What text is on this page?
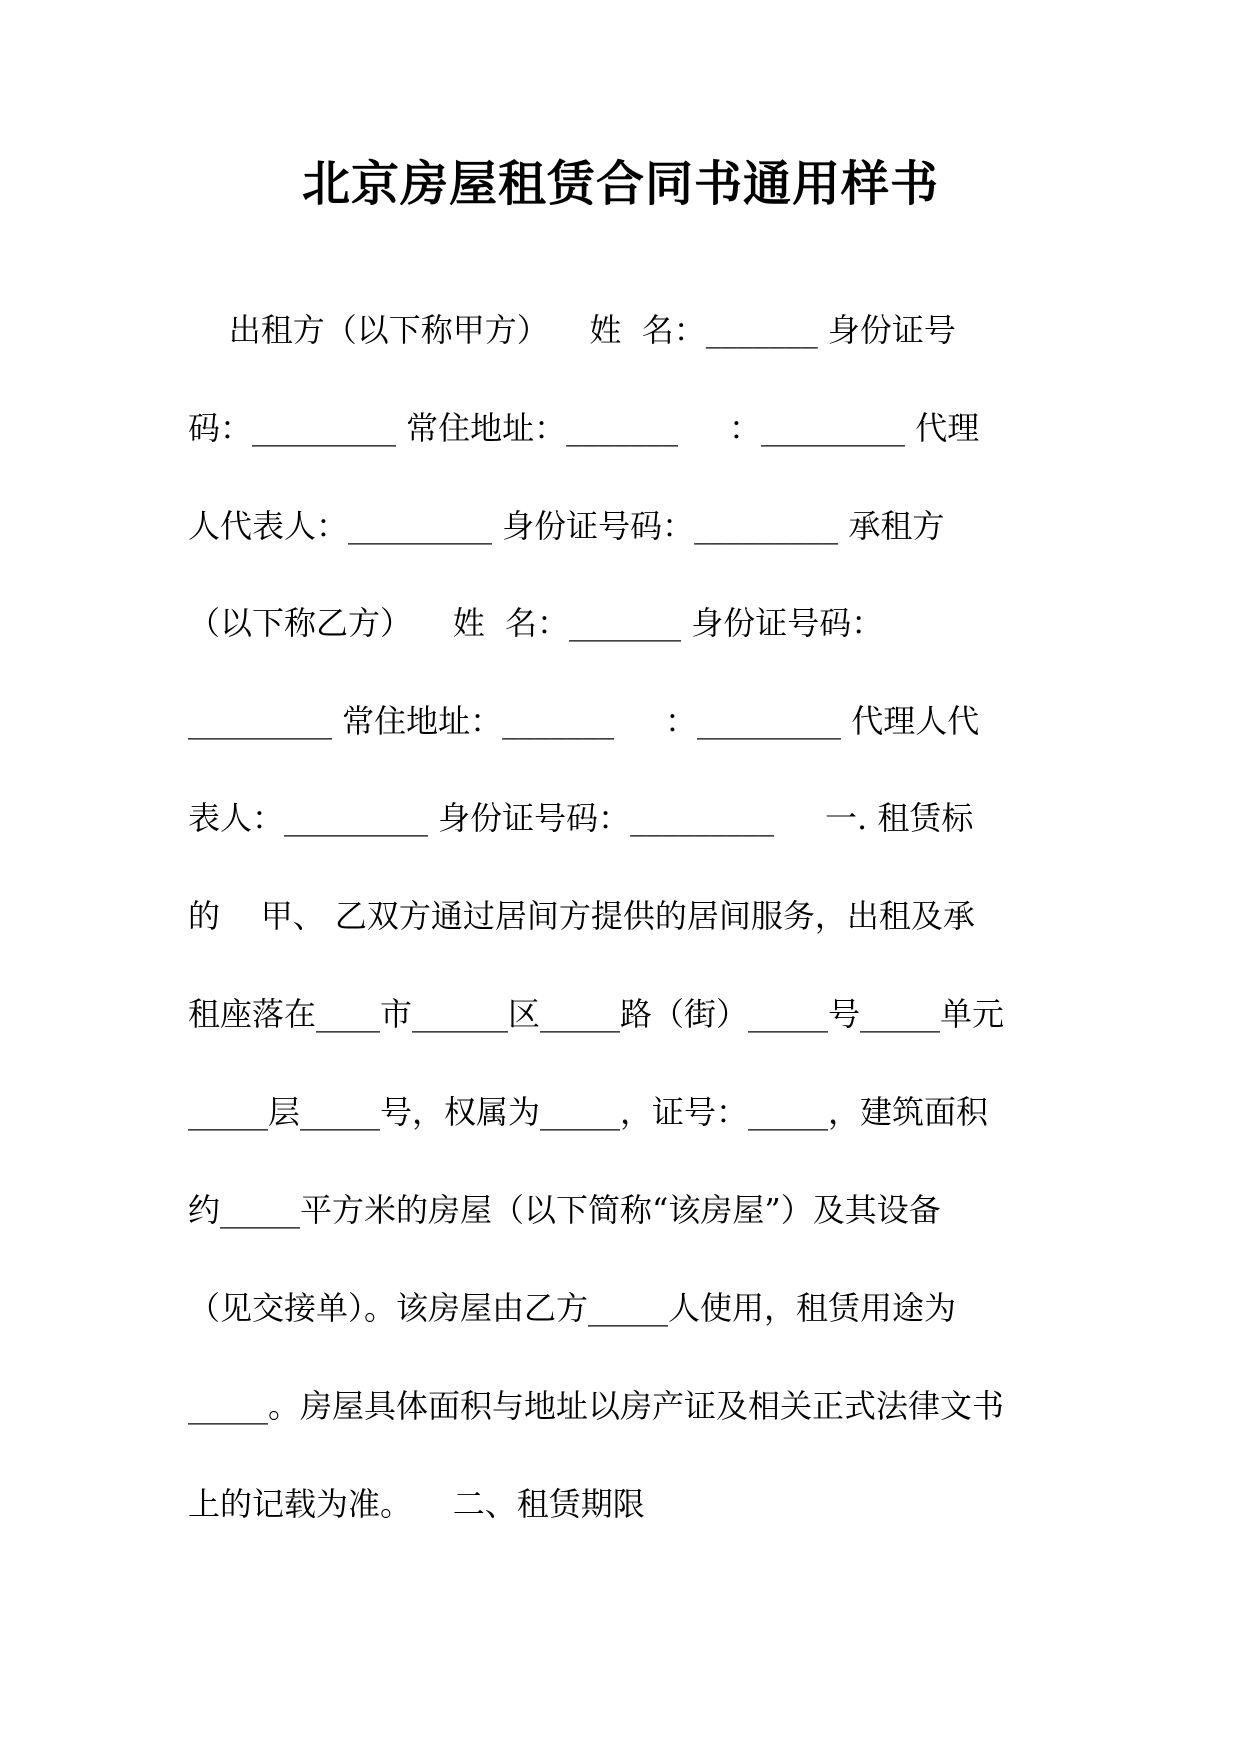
北京房屋租赁合同书通用样书
出租方（以下称甲方）    姓  名：_______ 身份证号
码：_________ 常住地址：_______     ：_________ 代理
人代表人：_________ 身份证号码：_________ 承租方
（以下称乙方）    姓  名：_______ 身份证号码：
_________ 常住地址：_______     ：_________ 代理人代
表人：_________ 身份证号码：_________     一. 租赁标
的    甲、 乙双方通过居间方提供的居间服务，出租及承
租座落在____市______区_____路（街）_____号_____单元
_____层_____号，权属为_____，证号：_____，建筑面积
约_____平方米的房屋（以下简称“该房屋”）及其设备
（见交接单）。该房屋由乙方_____人使用，租赁用途为
_____。房屋具体面积与地址以房产证及相关正式法律文书
上的记载为准。    二、租赁期限
